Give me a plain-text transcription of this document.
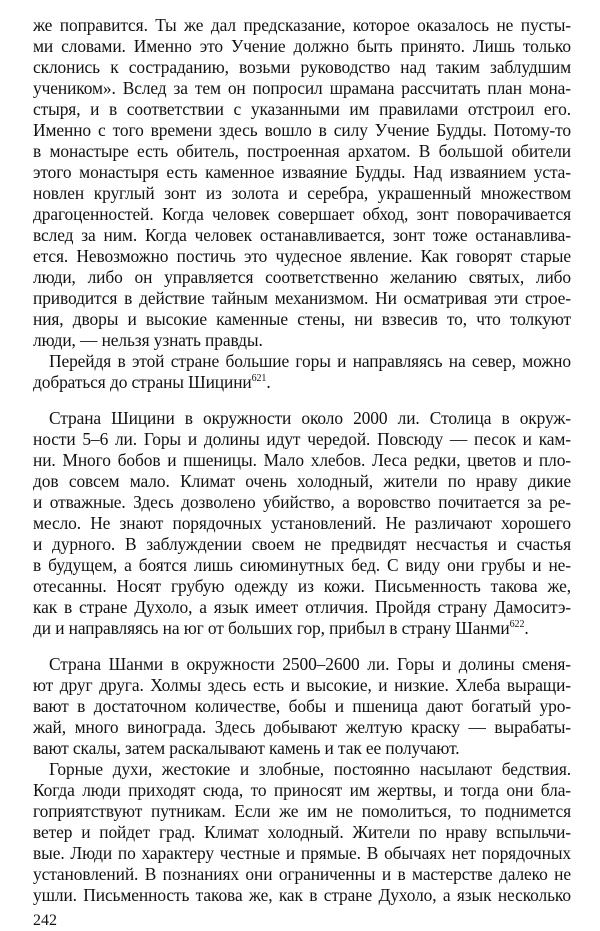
же поправится. Ты же дал предсказание, которое оказалось не пусты-
ми словами. Именно это Учение должно быть принято. Лишь только
склонись к состраданию, возьми руководство над таким заблудшим
учеником». Вслед за тем он попросил шрамана рассчитать план мона-
стыря, и в соответствии с указанными им правилами отстроил его.
Именно с того времени здесь вошло в силу Учение Будды. Потому-то
в монастыре есть обитель, построенная архатом. В большой обители
этого монастыря есть каменное изваяние Будды. Над изваянием уста-
новлен круглый зонт из золота и серебра, украшенный множеством
драгоценностей. Когда человек совершает обход, зонт поворачивается
вслед за ним. Когда человек останавливается, зонт тоже останавлива-
ется. Невозможно постичь это чудесное явление. Как говорят старые
люди, либо он управляется соответственно желанию святых, либо
приводится в действие тайным механизмом. Ни осматривая эти строе-
ния, дворы и высокие каменные стены, ни взвесив то, что толкуют
люди, — нельзя узнать правды.
Перейдя в этой стране большие горы и направляясь на север, можно
добраться до страны Шицини$^{621}$.
Страна Шицини в окружности около 2000 ли. Столица в окруж-
ности 5–6 ли. Горы и долины идут чередой. Повсюду — песок и кам-
ни. Много бобов и пшеницы. Мало хлебов. Леса редки, цветов и пло-
дов совсем мало. Климат очень холодный, жители по нраву дикие
и отважные. Здесь дозволено убийство, а воровство почитается за ре-
месло. Не знают порядочных установлений. Не различают хорошего
и дурного. В заблуждении своем не предвидят несчастья и счастья
в будущем, а боятся лишь сиюминутных бед. С виду они грубы и не-
отесанны. Носят грубую одежду из кожи. Письменность такова же,
как в стране Духоло, а язык имеет отличия. Пройдя страну Дамоситэ-
ди и направляясь на юг от больших гор, прибыл в страну Шанми$^{622}$.
Страна Шанми в окружности 2500–2600 ли. Горы и долины сменя-
ют друг друга. Холмы здесь есть и высокие, и низкие. Хлеба выращи-
вают в достаточном количестве, бобы и пшеница дают богатый уро-
жай, много винограда. Здесь добывают желтую краску — вырабаты-
вают скалы, затем раскалывают камень и так ее получают.
Горные духи, жестокие и злобные, постоянно насылают бедствия.
Когда люди приходят сюда, то приносят им жертвы, и тогда они бла-
гоприятствуют путникам. Если же им не помолиться, то поднимется
ветер и пойдет град. Климат холодный. Жители по нраву вспыльчи-
вые. Люди по характеру честные и прямые. В обычаях нет порядочных
установлений. В познаниях они ограниченны и в мастерстве далеко не
ушли. Письменность такова же, как в стране Духоло, а язык несколько
242
